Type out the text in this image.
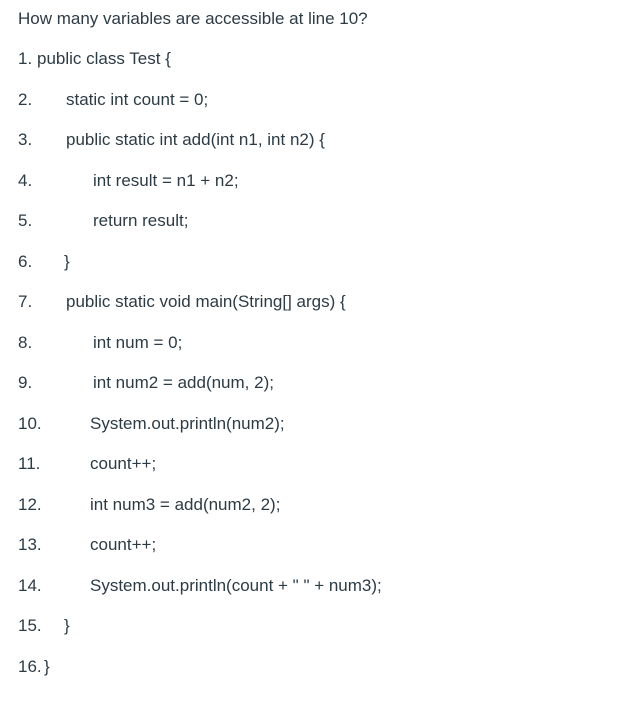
How many variables are accessible at line 10?
1. public class Test {
2. static int count = 0;
3. public static int add(int n1, int n2) {
4.	int result = n1 + n2;
5.	return result;
6. }
7. public static void main(String[] args) {
8.	int num = 0;
9.	int num2 = add(num, 2);
10.	System.out.println(num2);
11.	count++;
12.	int num3 = add(num2, 2);
13.	count++;
14.	System.out.println(count + " " + num3);
15. }
16. }
